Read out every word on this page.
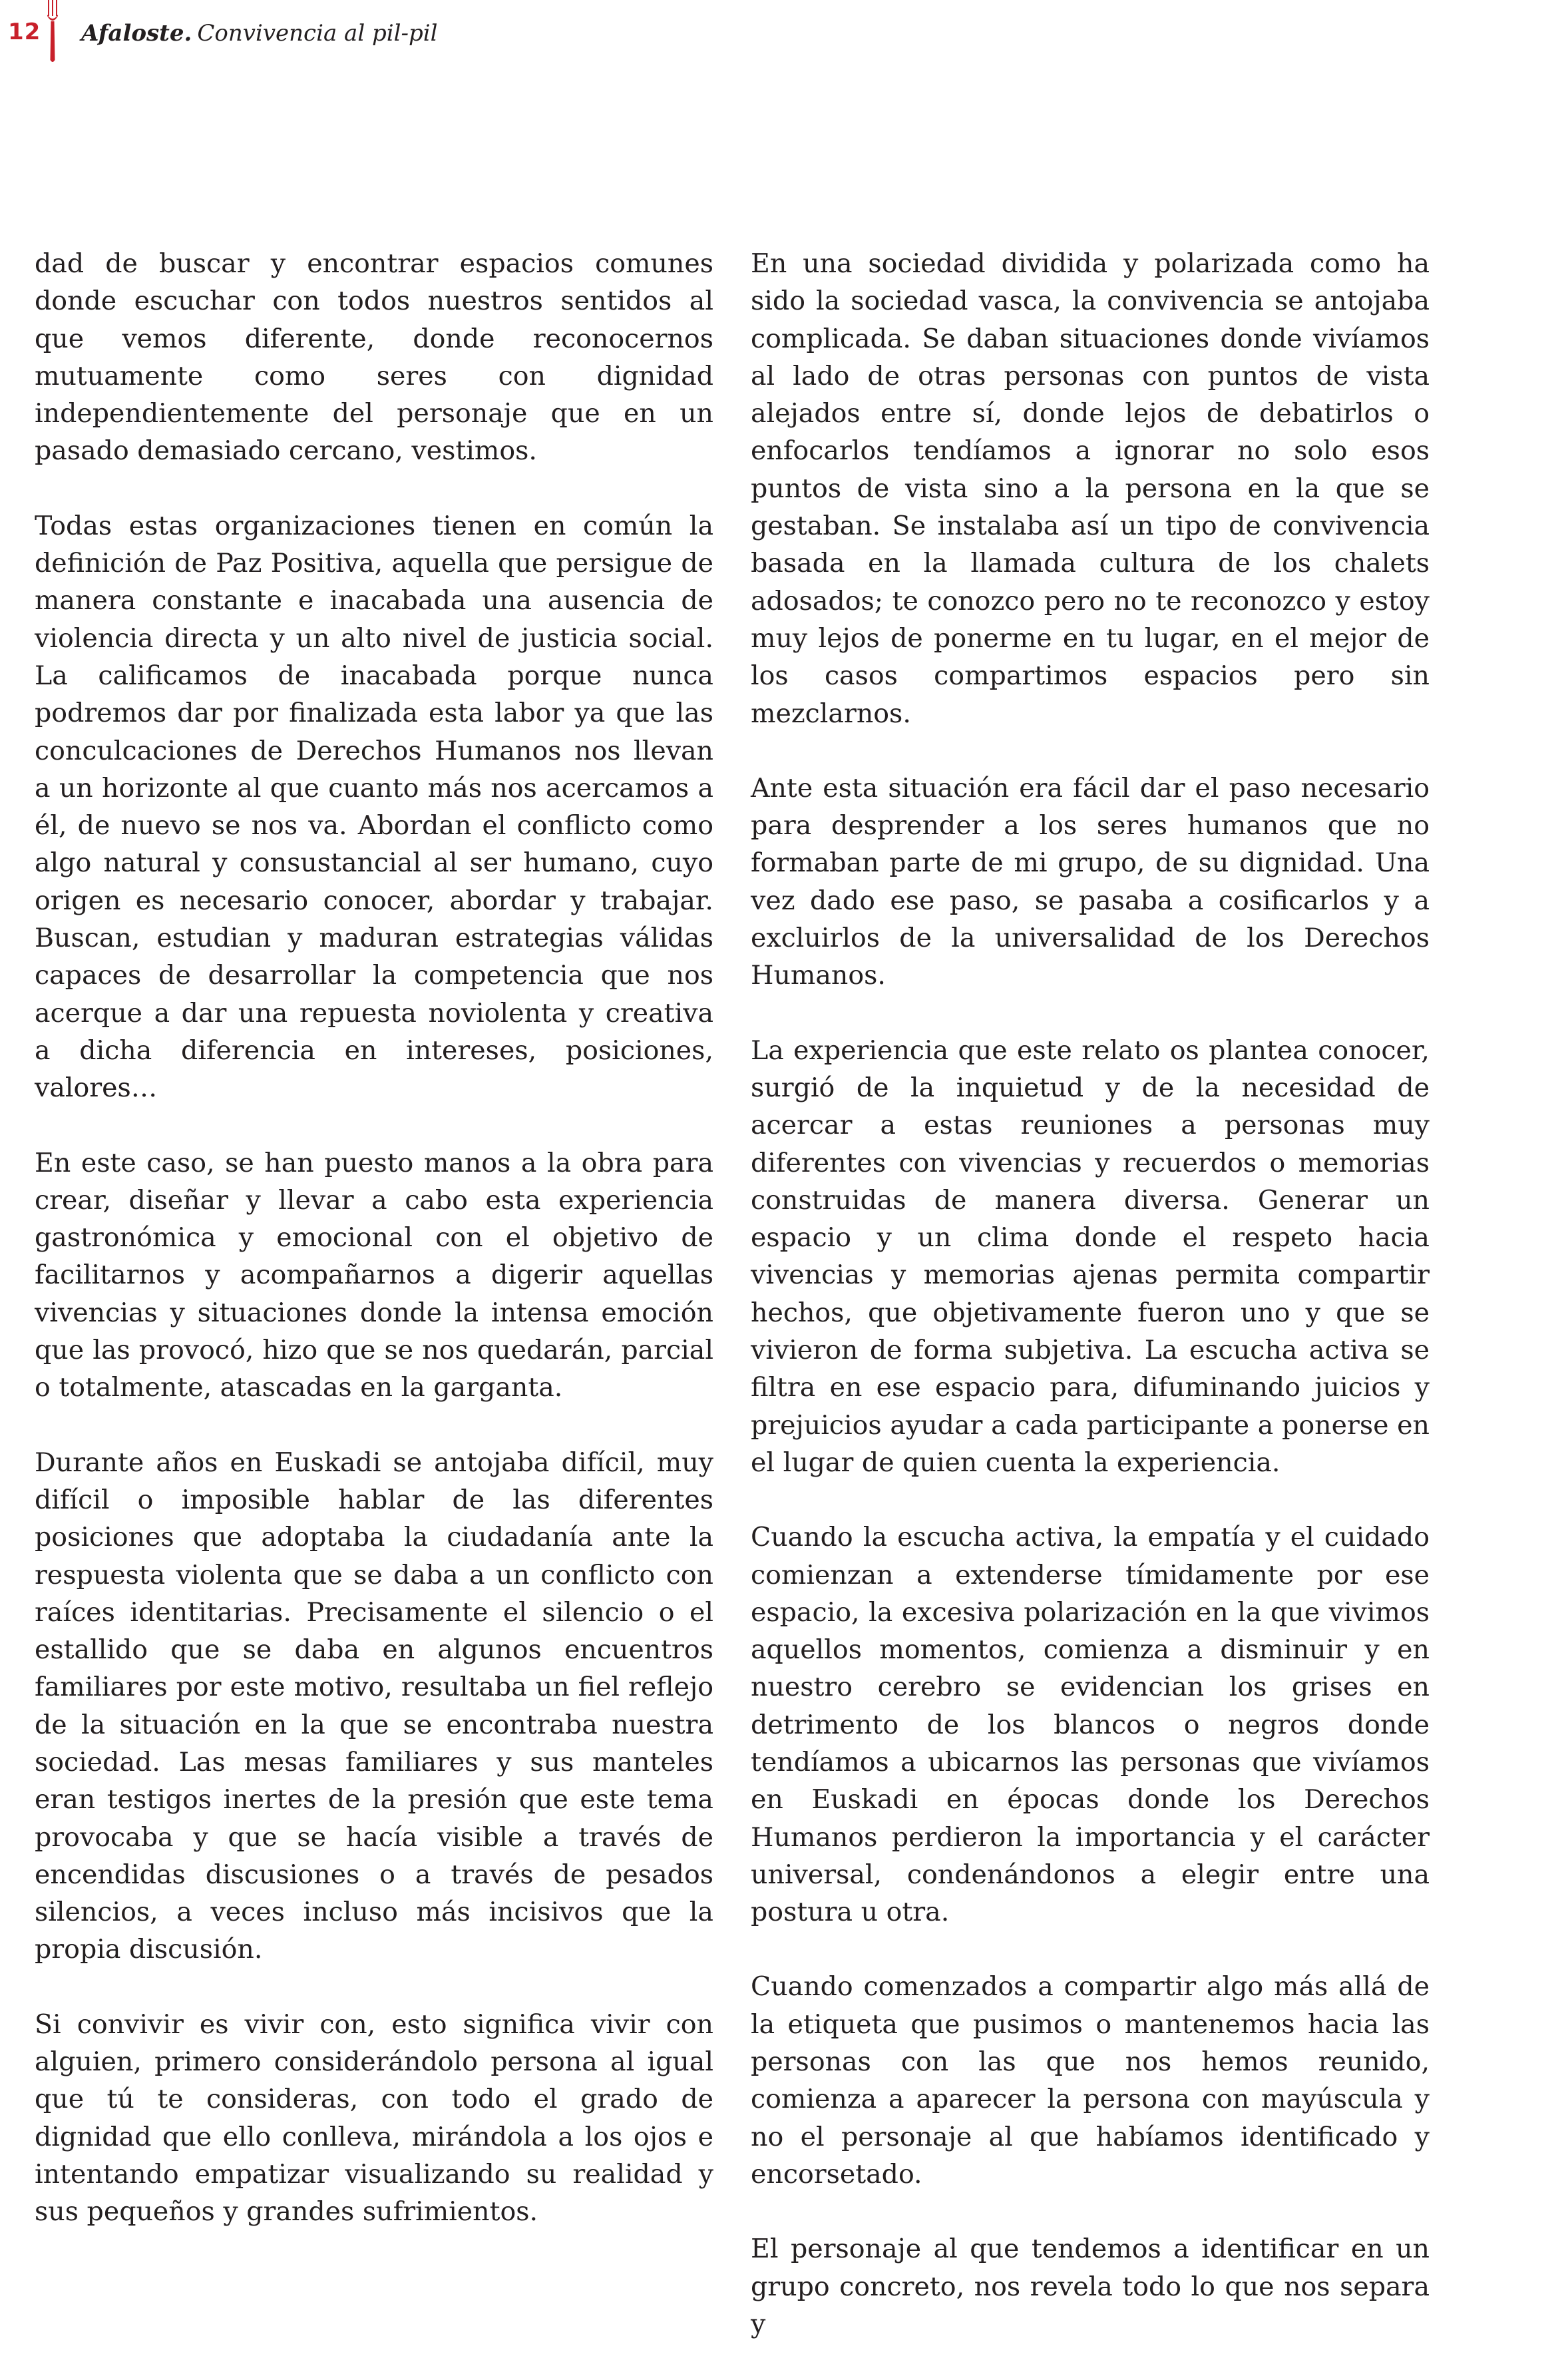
12 Afaloste. Convivencia al pil-pil

dad de buscar y encontrar espacios comunes donde escuchar con todos nuestros sentidos al que vemos diferente, donde reconocernos mutuamente como seres con dignidad independientemente del personaje que en un pasado demasiado cercano, vestimos.

Todas estas organizaciones tienen en común la definición de Paz Positiva, aquella que persigue de manera constante e inacabada una ausencia de violencia directa y un alto nivel de justicia social. La calificamos de inacabada porque nunca podremos dar por finalizada esta labor ya que las conculcaciones de Derechos Humanos nos llevan a un horizonte al que cuanto más nos acercamos a él, de nuevo se nos va. Abordan el conflicto como algo natural y consustancial al ser humano, cuyo origen es necesario conocer, abordar y trabajar. Buscan, estudian y maduran estrategias válidas capaces de desarrollar la competencia que nos acerque a dar una repuesta noviolenta y creativa a dicha diferencia en intereses, posiciones, valores…

En este caso, se han puesto manos a la obra para crear, diseñar y llevar a cabo esta experiencia gastronómica y emocional con el objetivo de facilitarnos y acompañarnos a digerir aquellas vivencias y situaciones donde la intensa emoción que las provocó, hizo que se nos quedarán, parcial o totalmente, atascadas en la garganta.

Durante años en Euskadi se antojaba difícil, muy difícil o imposible hablar de las diferentes posiciones que adoptaba la ciudadanía ante la respuesta violenta que se daba a un conflicto con raíces identitarias. Precisamente el silencio o el estallido que se daba en algunos encuentros familiares por este motivo, resultaba un fiel reflejo de la situación en la que se encontraba nuestra sociedad. Las mesas familiares y sus manteles eran testigos inertes de la presión que este tema provocaba y que se hacía visible a través de encendidas discusiones o a través de pesados silencios, a veces incluso más incisivos que la propia discusión.

Si convivir es vivir con, esto significa vivir con alguien, primero considerándolo persona al igual que tú te consideras, con todo el grado de dignidad que ello conlleva, mirándola a los ojos e intentando empatizar visualizando su realidad y sus pequeños y grandes sufrimientos.

En una sociedad dividida y polarizada como ha sido la sociedad vasca, la convivencia se antojaba complicada. Se daban situaciones donde vivíamos al lado de otras personas con puntos de vista alejados entre sí, donde lejos de debatirlos o enfocarlos tendíamos a ignorar no solo esos puntos de vista sino a la persona en la que se gestaban. Se instalaba así un tipo de convivencia basada en la llamada cultura de los chalets adosados; te conozco pero no te reconozco y estoy muy lejos de ponerme en tu lugar, en el mejor de los casos compartimos espacios pero sin mezclarnos.

Ante esta situación era fácil dar el paso necesario para desprender a los seres humanos que no formaban parte de mi grupo, de su dignidad. Una vez dado ese paso, se pasaba a cosificarlos y a excluirlos de la universalidad de los Derechos Humanos.

La experiencia que este relato os plantea conocer, surgió de la inquietud y de la necesidad de acercar a estas reuniones a personas muy diferentes con vivencias y recuerdos o memorias construidas de manera diversa. Generar un espacio y un clima donde el respeto hacia vivencias y memorias ajenas permita compartir hechos, que objetivamente fueron uno y que se vivieron de forma subjetiva. La escucha activa se filtra en ese espacio para, difuminando juicios y prejuicios ayudar a cada participante a ponerse en el lugar de quien cuenta la experiencia.

Cuando la escucha activa, la empatía y el cuidado comienzan a extenderse tímidamente por ese espacio, la excesiva polarización en la que vivimos aquellos momentos, comienza a disminuir y en nuestro cerebro se evidencian los grises en detrimento de los blancos o negros donde tendíamos a ubicarnos las personas que vivíamos en Euskadi en épocas donde los Derechos Humanos perdieron la importancia y el carácter universal, condenándonos a elegir entre una postura u otra.

Cuando comenzados a compartir algo más allá de la etiqueta que pusimos o mantenemos hacia las personas con las que nos hemos reunido, comienza a aparecer la persona con mayúscula y no el personaje al que habíamos identificado y encorsetado.

El personaje al que tendemos a identificar en un grupo concreto, nos revela todo lo que nos separa y
